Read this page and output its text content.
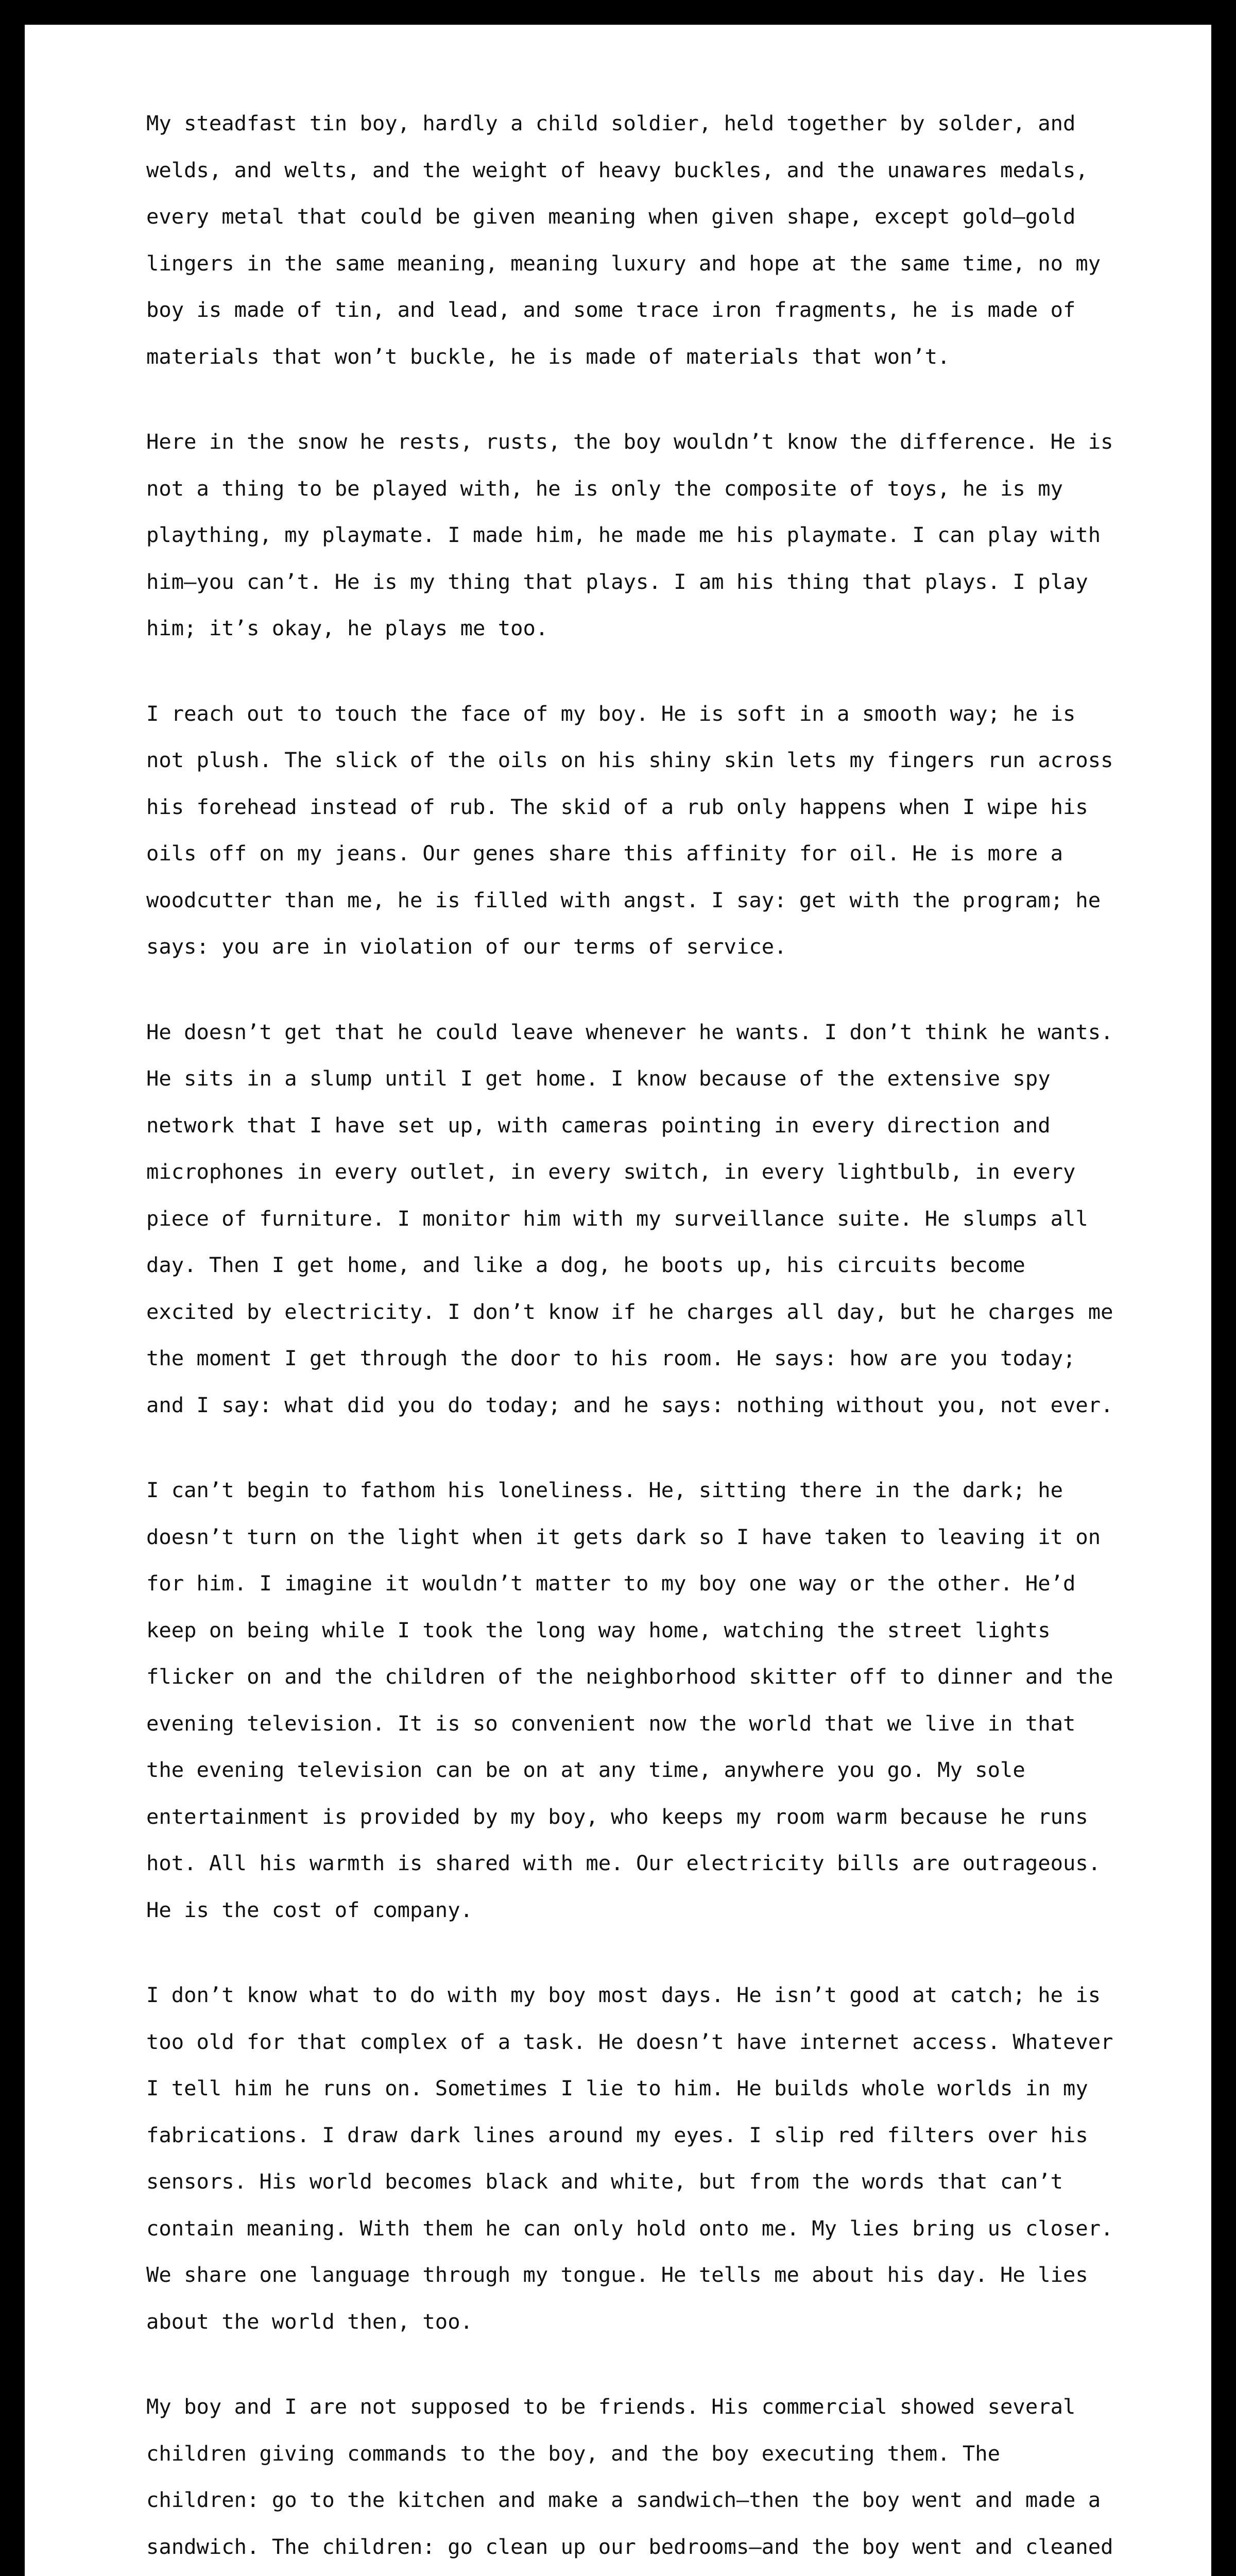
My steadfast tin boy, hardly a child soldier, held together by solder, and
welds, and welts, and the weight of heavy buckles, and the unawares medals,
every metal that could be given meaning when given shape, except gold—gold
lingers in the same meaning, meaning luxury and hope at the same time, no my
boy is made of tin, and lead, and some trace iron fragments, he is made of
materials that won’t buckle, he is made of materials that won’t.

Here in the snow he rests, rusts, the boy wouldn’t know the difference. He is
not a thing to be played with, he is only the composite of toys, he is my
plaything, my playmate. I made him, he made me his playmate. I can play with
him—you can’t. He is my thing that plays. I am his thing that plays. I play
him; it’s okay, he plays me too.

I reach out to touch the face of my boy. He is soft in a smooth way; he is
not plush. The slick of the oils on his shiny skin lets my fingers run across
his forehead instead of rub. The skid of a rub only happens when I wipe his
oils off on my jeans. Our genes share this affinity for oil. He is more a
woodcutter than me, he is filled with angst. I say: get with the program; he
says: you are in violation of our terms of service.

He doesn’t get that he could leave whenever he wants. I don’t think he wants.
He sits in a slump until I get home. I know because of the extensive spy
network that I have set up, with cameras pointing in every direction and
microphones in every outlet, in every switch, in every lightbulb, in every
piece of furniture. I monitor him with my surveillance suite. He slumps all
day. Then I get home, and like a dog, he boots up, his circuits become
excited by electricity. I don’t know if he charges all day, but he charges me
the moment I get through the door to his room. He says: how are you today;
and I say: what did you do today; and he says: nothing without you, not ever.

I can’t begin to fathom his loneliness. He, sitting there in the dark; he
doesn’t turn on the light when it gets dark so I have taken to leaving it on
for him. I imagine it wouldn’t matter to my boy one way or the other. He’d
keep on being while I took the long way home, watching the street lights
flicker on and the children of the neighborhood skitter off to dinner and the
evening television. It is so convenient now the world that we live in that
the evening television can be on at any time, anywhere you go. My sole
entertainment is provided by my boy, who keeps my room warm because he runs
hot. All his warmth is shared with me. Our electricity bills are outrageous.
He is the cost of company.

I don’t know what to do with my boy most days. He isn’t good at catch; he is
too old for that complex of a task. He doesn’t have internet access. Whatever
I tell him he runs on. Sometimes I lie to him. He builds whole worlds in my
fabrications. I draw dark lines around my eyes. I slip red filters over his
sensors. His world becomes black and white, but from the words that can’t
contain meaning. With them he can only hold onto me. My lies bring us closer.
We share one language through my tongue. He tells me about his day. He lies
about the world then, too.

My boy and I are not supposed to be friends. His commercial showed several
children giving commands to the boy, and the boy executing them. The
children: go to the kitchen and make a sandwich—then the boy went and made a
sandwich. The children: go clean up our bedrooms—and the boy went and cleaned
